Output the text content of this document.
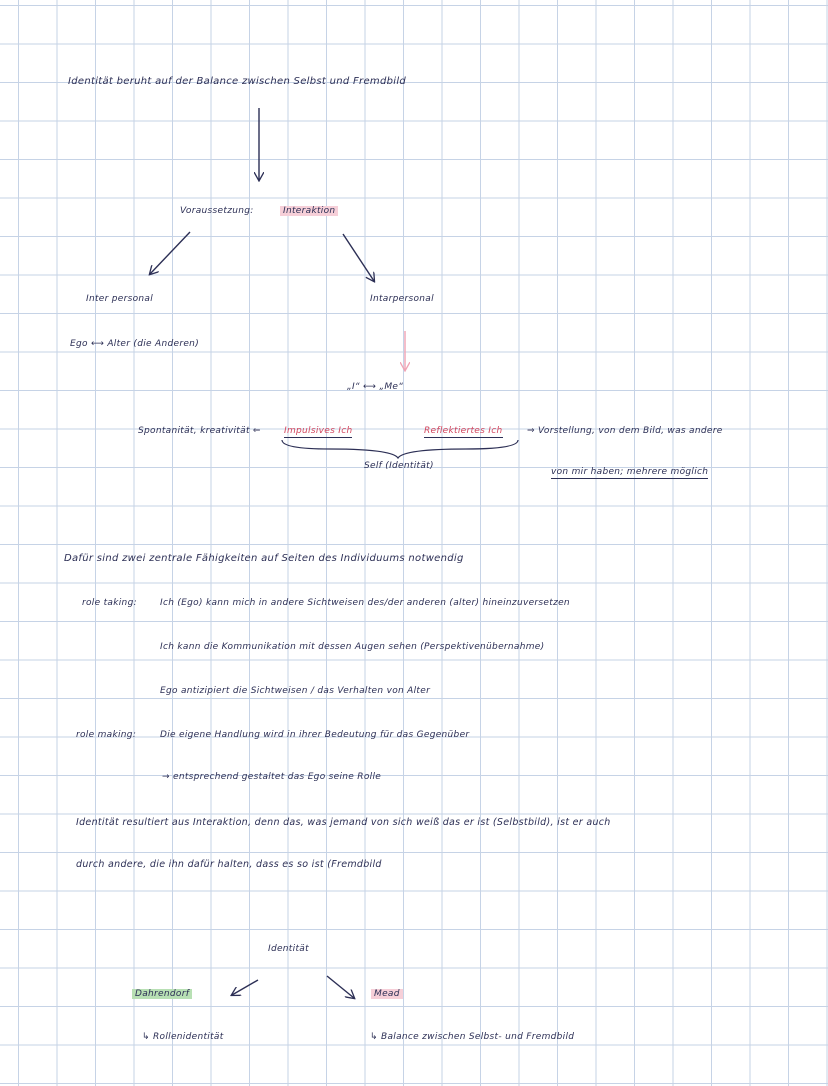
Identität beruht auf der Balance zwischen Selbst und Fremdbild
Voraussetzung:	Interaktion
Inter personal
Ego ⟷ Alter (die Anderen)
Intarpersonal
„I“ ⟷ „Me“
Spontanität, kreativität ⇐	Impulsives Ich	Reflektiertes Ich	⇒ Vorstellung, von dem Bild, was andere
von mir haben; mehrere möglich
Self (Identität)
Dafür sind zwei zentrale Fähigkeiten auf Seiten des Individuums notwendig
role taking:	Ich (Ego) kann mich in andere Sichtweisen des/der anderen (alter) hineinzuversetzen
Ich kann die Kommunikation mit dessen Augen sehen (Perspektivenübernahme)
Ego antizipiert die Sichtweisen / das Verhalten von Alter
role making:	Die eigene Handlung wird in ihrer Bedeutung für das Gegenüber
→ entsprechend gestaltet das Ego seine Rolle
Identität resultiert aus Interaktion, denn das, was jemand von sich weiß das er ist (Selbstbild), ist er auch
durch andere, die ihn dafür halten, dass es so ist (Fremdbild
Identität
Dahrendorf	Mead
↳ Rollenidentität	↳ Balance zwischen Selbst- und Fremdbild
